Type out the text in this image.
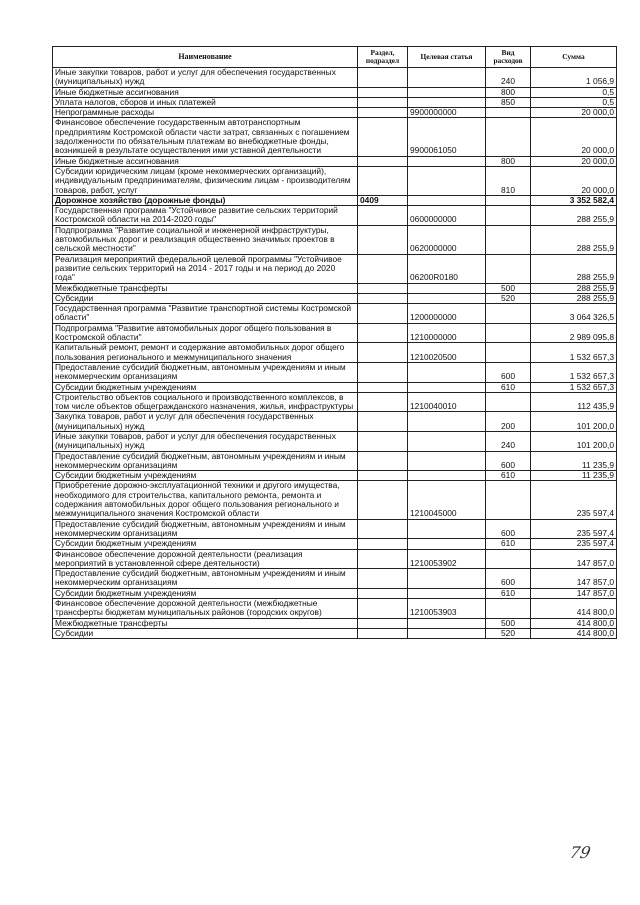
Наименование	Раздел, подраздел	Целевая статья	Вид расходов	Сумма
Иные закупки товаров, работ и услуг для обеспечения государственных (муниципальных) нужд			240	1 056,9
Иные бюджетные ассигнования			800	0,5
Уплата налогов, сборов и иных платежей			850	0,5
Непрограммные расходы		9900000000		20 000,0
Финансовое обеспечение государственным автотранспортным предприятиям Костромской области части затрат, связанных с погашением задолженности по обязательным платежам во внебюджетные фонды, возникшей в результате осуществления ими уставной деятельности		9900061050		20 000,0
Иные бюджетные ассигнования			800	20 000,0
Субсидии юридическим лицам (кроме некоммерческих организаций), индивидуальным предпринимателям, физическим лицам - производителям товаров, работ, услуг			810	20 000,0
Дорожное хозяйство (дорожные фонды)	0409			3 352 582,4
Государственная программа "Устойчивое развитие сельских территорий Костромской области на 2014-2020 годы"		0600000000		288 255,9
Подпрограмма "Развитие социальной и инженерной инфраструктуры, автомобильных дорог и реализация общественно значимых проектов в сельской местности"		0620000000		288 255,9
Реализация мероприятий федеральной целевой программы "Устойчивое развитие сельских территорий на 2014 - 2017 годы и на период до 2020 года"		06200R0180		288 255,9
Межбюджетные трансферты			500	288 255,9
Субсидии			520	288 255,9
Государственная программа "Развитие транспортной системы Костромской области"		1200000000		3 064 326,5
Подпрограмма "Развитие автомобильных дорог общего пользования в Костромской области"		1210000000		2 989 095,8
Капитальный ремонт, ремонт и содержание автомобильных дорог общего пользования регионального и межмуниципального значения		1210020500		1 532 657,3
Предоставление субсидий бюджетным, автономным учреждениям и иным некоммерческим организациям			600	1 532 657,3
Субсидии бюджетным учреждениям			610	1 532 657,3
Строительство объектов социального и производственного комплексов, в том числе объектов общегражданского назначения, жилья, инфраструктуры		1210040010		112 435,9
Закупка товаров, работ и услуг для обеспечения государственных (муниципальных) нужд			200	101 200,0
Иные закупки товаров, работ и услуг для обеспечения государственных (муниципальных) нужд			240	101 200,0
Предоставление субсидий бюджетным, автономным учреждениям и иным некоммерческим организациям			600	11 235,9
Субсидии бюджетным учреждениям			610	11 235,9
Приобретение дорожно-эксплуатационной техники и другого имущества, необходимого для строительства, капитального ремонта, ремонта и содержания автомобильных дорог общего пользования регионального и межмуниципального значения Костромской области		1210045000		235 597,4
Предоставление субсидий бюджетным, автономным учреждениям и иным некоммерческим организациям			600	235 597,4
Субсидии бюджетным учреждениям			610	235 597,4
Финансовое обеспечение дорожной деятельности (реализация мероприятий в установленной сфере деятельности)		1210053902		147 857,0
Предоставление субсидий бюджетным, автономным учреждениям и иным некоммерческим организациям			600	147 857,0
Субсидии бюджетным учреждениям			610	147 857,0
Финансовое обеспечение дорожной деятельности (межбюджетные трансферты бюджетам муниципальных районов (городских округов)		1210053903		414 800,0
Межбюджетные трансферты			500	414 800,0
Субсидии			520	414 800,0
79
